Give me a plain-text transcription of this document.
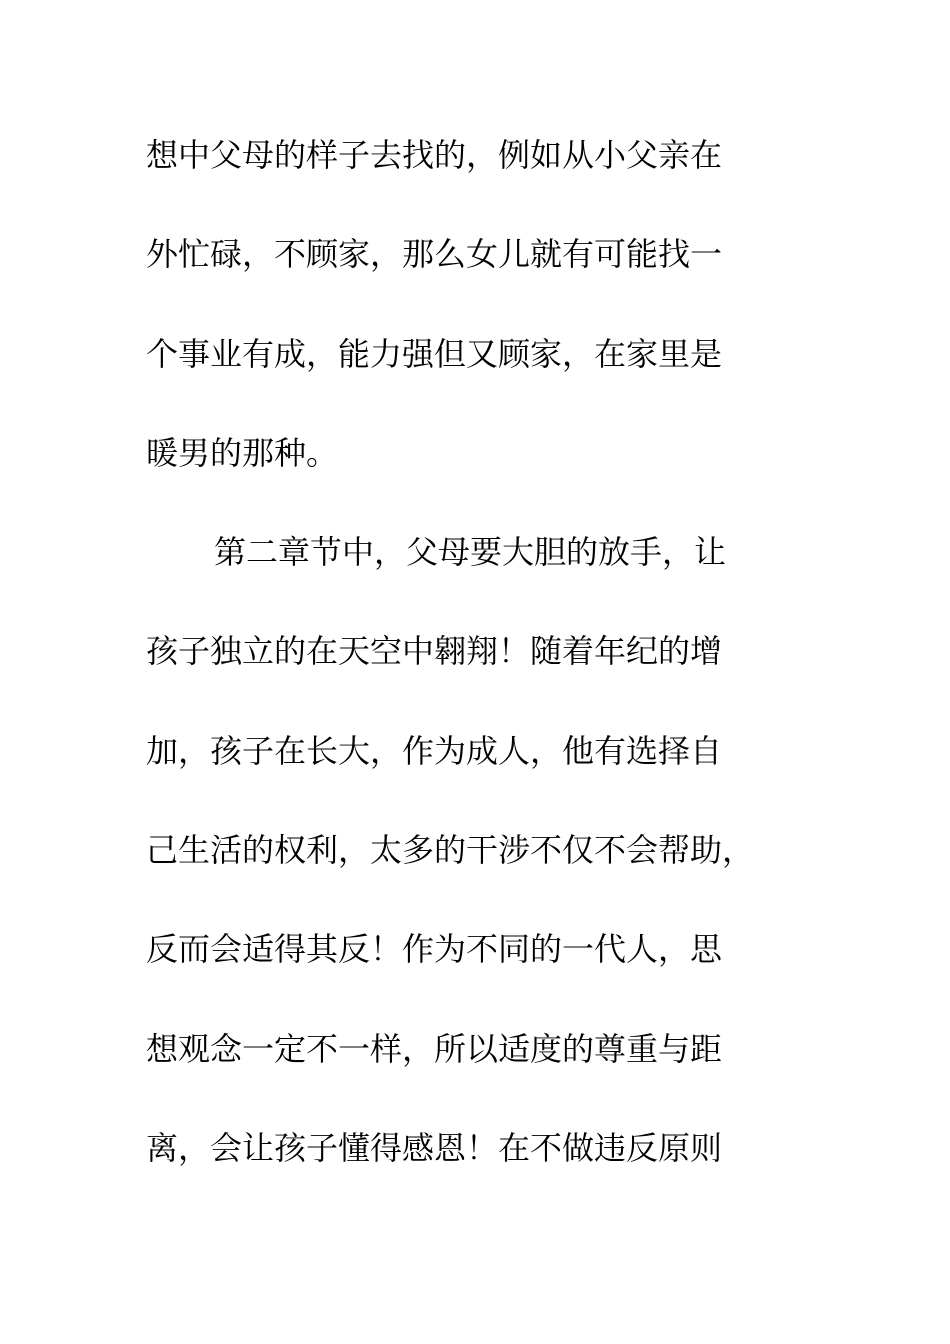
想中父母的样子去找的，例如从小父亲在
外忙碌，不顾家，那么女儿就有可能找一
个事业有成，能力强但又顾家，在家里是
暖男的那种。
第二章节中，父母要大胆的放手，让
孩子独立的在天空中翱翔！随着年纪的增
加，孩子在长大，作为成人，他有选择自
己生活的权利，太多的干涉不仅不会帮助，
反而会适得其反！作为不同的一代人，思
想观念一定不一样，所以适度的尊重与距
离，会让孩子懂得感恩！在不做违反原则
